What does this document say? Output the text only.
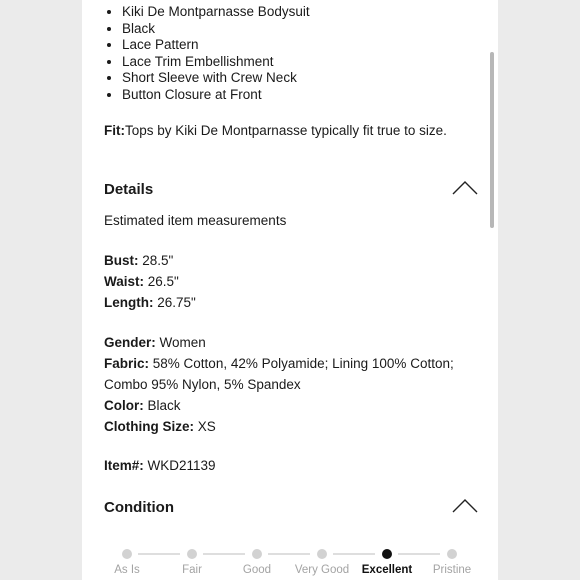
• Kiki De Montparnasse Bodysuit
• Black
• Lace Pattern
• Lace Trim Embellishment
• Short Sleeve with Crew Neck
• Button Closure at Front
Fit:Tops by Kiki De Montparnasse typically fit true to size.
Details
Estimated item measurements
Bust: 28.5"
Waist: 26.5"
Length: 26.75"
Gender: Women
Fabric: 58% Cotton, 42% Polyamide; Lining 100% Cotton;
Combo 95% Nylon, 5% Spandex
Color: Black
Clothing Size: XS
Item#: WKD21139
Condition
As Is	Fair	Good Very Good Excellent Pristine
